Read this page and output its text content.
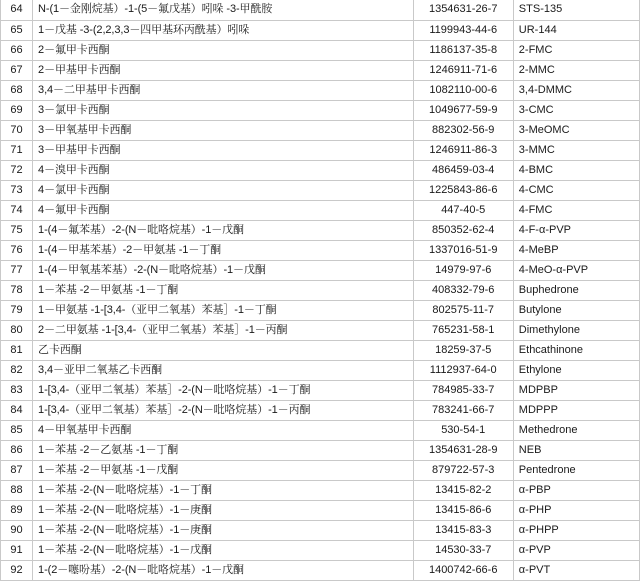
64	N-(1－金刚烷基）-1-(5－氟戊基）吲哚 -3-甲酰胺	1354631-26-7	STS-135
65	1－戊基 -3-(2,2,3,3－四甲基环丙酰基）吲哚	1199943-44-6	UR-144
66	2－氟甲卡西酮	1186137-35-8	2-FMC
67	2－甲基甲卡西酮	1246911-71-6	2-MMC
68	3,4－二甲基甲卡西酮	1082110-00-6	3,4-DMMC
69	3－氯甲卡西酮	1049677-59-9	3-CMC
70	3－甲氧基甲卡西酮	882302-56-9	3-MeOMC
71	3－甲基甲卡西酮	1246911-86-3	3-MMC
72	4－溴甲卡西酮	486459-03-4	4-BMC
73	4－氯甲卡西酮	1225843-86-6	4-CMC
74	4－氟甲卡西酮	447-40-5	4-FMC
75	1-(4－氟苯基）-2-(N－吡咯烷基）-1－戊酮	850352-62-4	4-F-α-PVP
76	1-(4－甲基苯基）-2－甲氨基 -1－丁酮	1337016-51-9	4-MeBP
77	1-(4－甲氧基苯基）-2-(N－吡咯烷基）-1－戊酮	14979-97-6	4-MeO-α-PVP
78	1－苯基 -2－甲氨基 -1－丁酮	408332-79-6	Buphedrone
79	1－甲氨基 -1-[3,4-（亚甲二氧基）苯基］-1－丁酮	802575-11-7	Butylone
80	2－二甲氨基 -1-[3,4-（亚甲二氧基）苯基］-1－丙酮	765231-58-1	Dimethylone
81	乙卡西酮	18259-37-5	Ethcathinone
82	3,4－亚甲二氧基乙卡西酮	1112937-64-0	Ethylone
83	1-[3,4-（亚甲二氧基）苯基］-2-(N－吡咯烷基）-1－丁酮	784985-33-7	MDPBP
84	1-[3,4-（亚甲二氧基）苯基］-2-(N－吡咯烷基）-1－丙酮	783241-66-7	MDPPP
85	4－甲氧基甲卡西酮	530-54-1	Methedrone
86	1－苯基 -2－乙氨基 -1－丁酮	1354631-28-9	NEB
87	1－苯基 -2－甲氨基 -1－戊酮	879722-57-3	Pentedrone
88	1－苯基 -2-(N－吡咯烷基）-1－丁酮	13415-82-2	α-PBP
89	1－苯基 -2-(N－吡咯烷基）-1－庚酮	13415-86-6	α-PHP
90	1－苯基 -2-(N－吡咯烷基）-1－庚酮	13415-83-3	α-PHPP
91	1－苯基 -2-(N－吡咯烷基）-1－戊酮	14530-33-7	α-PVP
92	1-(2－噻吩基）-2-(N－吡咯烷基）-1－戊酮	1400742-66-6	α-PVT
